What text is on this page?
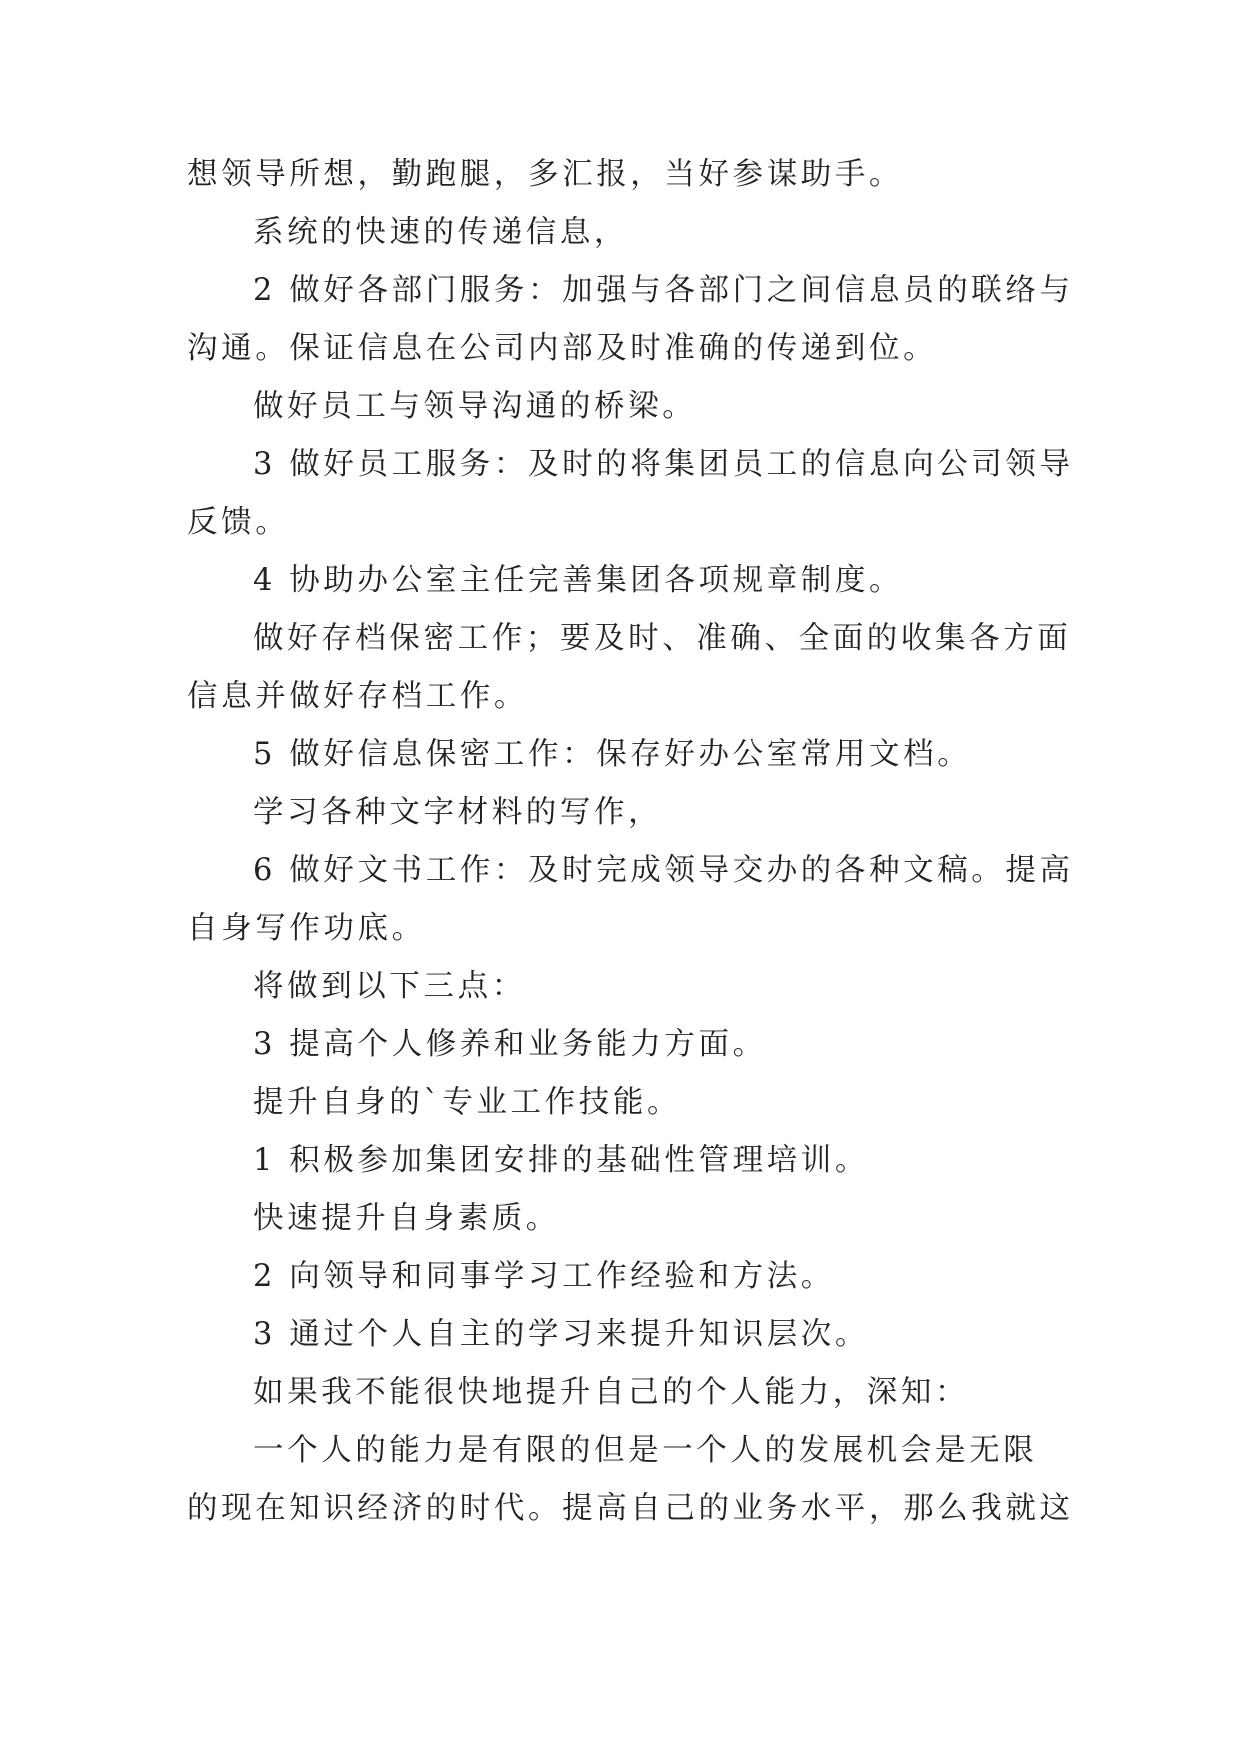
想领导所想，勤跑腿，多汇报，当好参谋助手。
系统的快速的传递信息，
2 做好各部门服务：加强与各部门之间信息员的联络与
沟通。保证信息在公司内部及时准确的传递到位。
做好员工与领导沟通的桥梁。
3 做好员工服务：及时的将集团员工的信息向公司领导
反馈。
4 协助办公室主任完善集团各项规章制度。
做好存档保密工作；要及时、准确、全面的收集各方面
信息并做好存档工作。
5 做好信息保密工作：保存好办公室常用文档。
学习各种文字材料的写作，
6 做好文书工作：及时完成领导交办的各种文稿。提高
自身写作功底。
将做到以下三点：
3 提高个人修养和业务能力方面。
提升自身的`专业工作技能。
1 积极参加集团安排的基础性管理培训。
快速提升自身素质。
2 向领导和同事学习工作经验和方法。
3 通过个人自主的学习来提升知识层次。
如果我不能很快地提升自己的个人能力，深知：
一个人的能力是有限的但是一个人的发展机会是无限
的现在知识经济的时代。提高自己的业务水平，那么我就这
